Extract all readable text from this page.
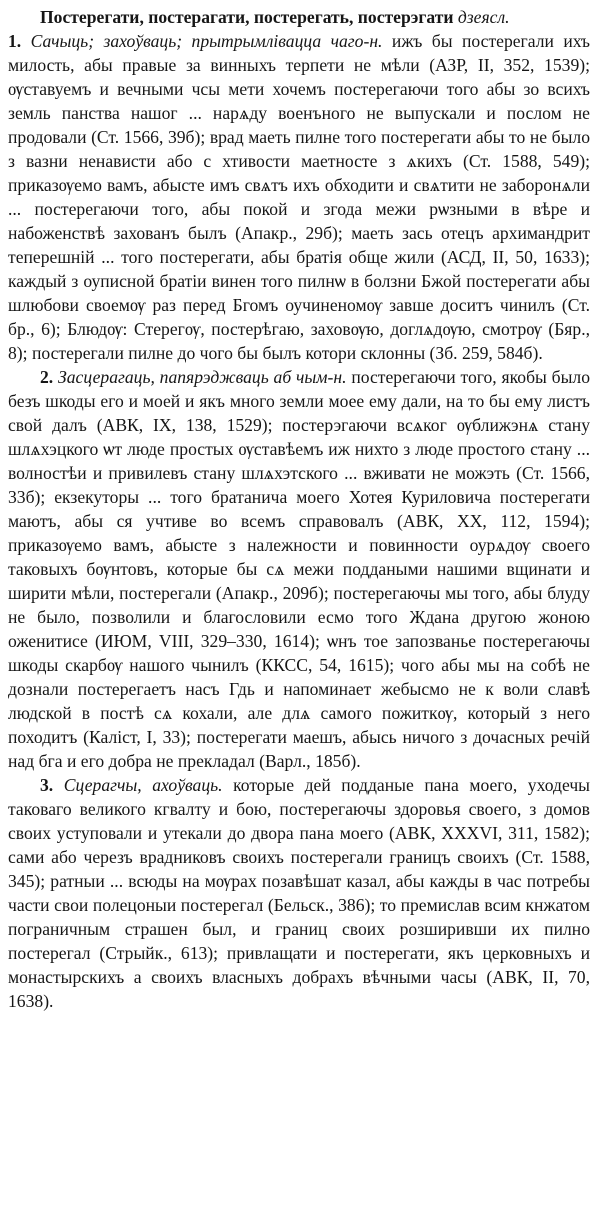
Постерегати, постерагати, постерегать, постерэгати дзеясл.

1. Сачыць; захоўваць; прытрымлівацца чаго-н. ижъ бы постерегали ихъ милость, абы правые за винныхъ терпети не мѣли (АЗР, II, 352, 1539); ѹставуемъ и вечными чсы мети хочемъ постерегаючи того абы зо всихъ земль панства нашог ... нарѧду военъного не выпускали и послом не продовали (Ст. 1566, 39б); врад маеть пилне того постерегати абы то не было з вазни ненависти або с хтивости маетносте з ѧкихъ (Ст. 1588, 549); приказѹемо вамъ, абысте имъ свѧтъ ихъ обходити и свѧтити не заборонѧли ... постерегаючи того, абы покой и згода межи рѡзными в вѣре и набоженствѣ захованъ былъ (Апакр., 29б); маеть зась отецъ архимандрит теперешній ... того постерегати, абы братія обще жили (АСД, II, 50, 1633); каждый з оуписной братіи винен того пилнѡ в болзни Бжой постерегати абы шлюбови своемѹ раз перед Бгомъ оучиненомѹ завше доситъ чинилъ (Ст. бр., 6); Блюдѹ: Стерегѹ, постерѣгаю, заховѹю, доглѧдѹю, смотрѹ (Бяр., 8); постерегали пилне до чого бы былъ котори склонны (Зб. 259, 584б).

2. Засцерагаць, папярэджваць аб чым-н. постерегаючи того, якобы было безъ шкоды его и моей и якъ много земли моее ему дали, на то бы ему листъ свой далъ (АВК, IX, 138, 1529); постерэгаючи всѧког ѹближэнѧ стану шлѧхэцкого ѡт люде простых ѹставѣемъ иж нихто з люде простого стану ... волностѣи и привилевъ стану шлѧхэтского ... вживати не можэть (Ст. 1566, 33б); екзекуторы ... того братанича моего Хотея Куриловича постерегати маютъ, абы ся учтиве во всемъ справовалъ (АВК, XX, 112, 1594); приказѹемо вамъ, абысте з належности и повинности оурѧдѹ своего таковыхъ бѹнтовъ, которые бы сѧ межи поддаными нашими вщинати и ширити мѣли, постерегали (Апакр., 209б); постерегаючы мы того, абы блуду не было, позволили и благословили есмо того Ждана другою жоною оженитисе (ИЮМ, VIII, 329–330, 1614); ѡнъ тое запозванье постерегаючы шкоды скарбѹ нашого чынилъ (ККСС, 54, 1615); чого абы мы на собѣ не дознали постерегаетъ насъ Гдь и напоминает жебысмо не к воли славѣ людской в постѣ сѧ кохали, але длѧ самого пожиткѹ, который з него походитъ (Каліст, I, 33); постерегати маешъ, абысь ничого з дочасных речій над бга и его добра не прекладал (Варл., 185б).

3. Сцерагчы, ахоўваць. которые дей подданые пана моего, уходечы таковаго великого кгвалту и бою, постерегаючы здоровья своего, з домов своих уступовали и утекали до двора пана моего (АВК, XXXVI, 311, 1582); сами або черезъ врадниковъ своихъ постерегали границъ своихъ (Ст. 1588, 345); ратныи ... всюды на мѹрах позавѣшат казал, абы кажды в час потребы части свои полецоныи постерегал (Бельск., 386); то премислав всим кнжатом пограничным страшен был, и границ своих розширивши их пилно постерегал (Стрыйк., 613); привлащати и постерегати, якъ церковныхъ и монастырскихъ а своихъ власныхъ добрахъ вѣчными часы (АВК, II, 70, 1638).
